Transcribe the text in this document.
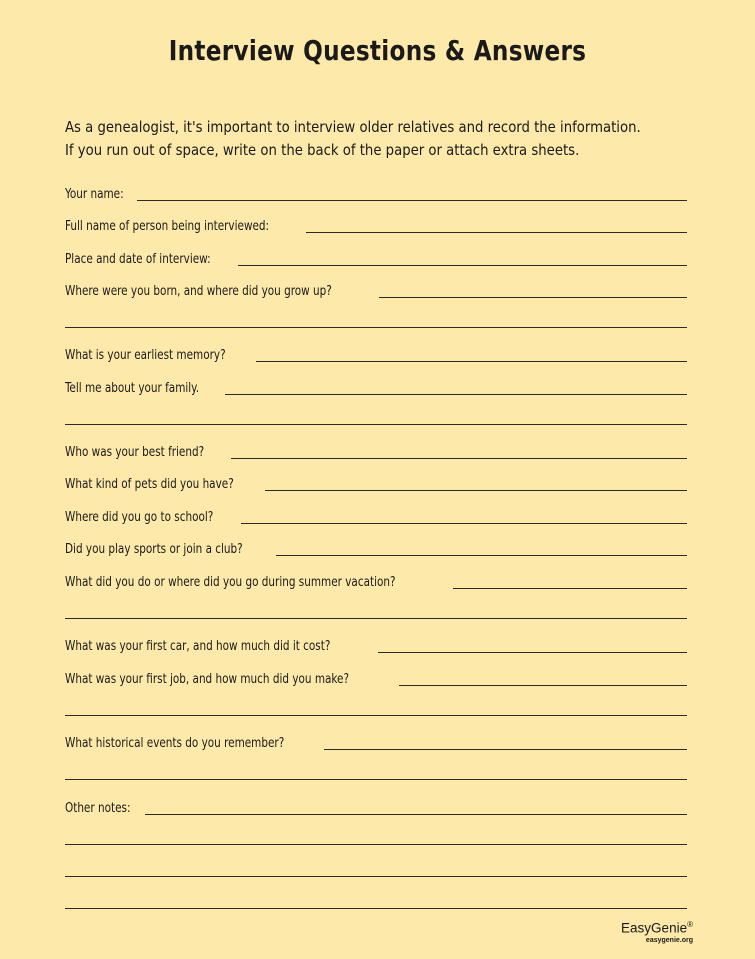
Interview Questions & Answers
As a genealogist, it's important to interview older relatives and record the information.
If you run out of space, write on the back of the paper or attach extra sheets.
Your name:
Full name of person being interviewed:
Place and date of interview:
Where were you born, and where did you grow up?
What is your earliest memory?
Tell me about your family.
Who was your best friend?
What kind of pets did you have?
Where did you go to school?
Did you play sports or join a club?
What did you do or where did you go during summer vacation?
What was your first car, and how much did it cost?
What was your first job, and how much did you make?
What historical events do you remember?
Other notes:
EasyGenie®
easygenie.org
